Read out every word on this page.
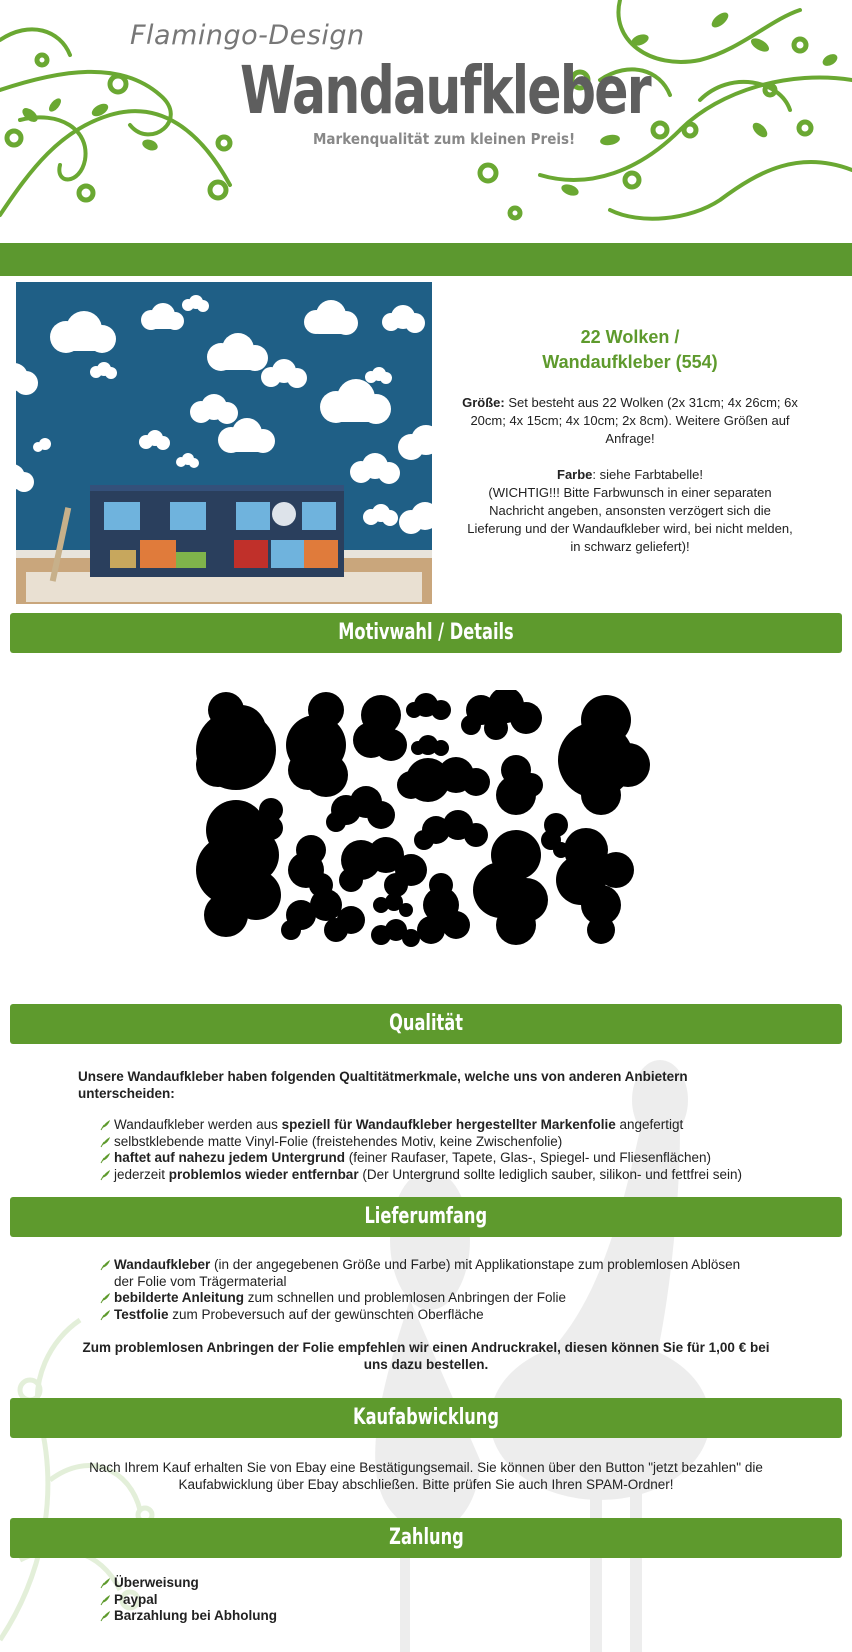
Flamingo-Design
Wandaufkleber
Markenqualität zum kleinen Preis!
22 Wolken /
Wandaufkleber (554)

Größe: Set besteht aus 22 Wolken (2x 31cm; 4x 26cm; 6x 20cm; 4x 15cm; 4x 10cm; 2x 8cm). Weitere Größen auf Anfrage!

Farbe: siehe Farbtabelle!

(WICHTIG!!! Bitte Farbwunsch in einer separaten Nachricht angeben, ansonsten verzögert sich die Lieferung und der Wandaufkleber wird, bei nicht melden, in schwarz geliefert)!

Motivwahl / Details
Qualität
Unsere Wandaufkleber haben folgenden Qualtitätmerkmale, welche uns von anderen Anbietern unterscheiden:
Wandaufkleber werden aus speziell für Wandaufkleber hergestellter Markenfolie angefertigt
selbstklebende matte Vinyl-Folie (freistehendes Motiv, keine Zwischenfolie)
haftet auf nahezu jedem Untergrund (feiner Raufaser, Tapete, Glas-, Spiegel- und Fliesenflächen)
jederzeit problemlos wieder entfernbar (Der Untergrund sollte lediglich sauber, silikon- und fettfrei sein)
Lieferumfang
Wandaufkleber (in der angegebenen Größe und Farbe) mit Applikationstape zum problemlosen Ablösen der Folie vom Trägermaterial
bebilderte Anleitung zum schnellen und problemlosen Anbringen der Folie
Testfolie zum Probeversuch auf der gewünschten Oberfläche
Zum problemlosen Anbringen der Folie empfehlen wir einen Andruckrakel, diesen können Sie für 1,00 € bei uns dazu bestellen.
Kaufabwicklung
Nach Ihrem Kauf erhalten Sie von Ebay eine Bestätigungsemail. Sie können über den Button "jetzt bezahlen" die Kaufabwicklung über Ebay abschließen. Bitte prüfen Sie auch Ihren SPAM-Ordner!
Zahlung
Überweisung
Paypal
Barzahlung bei Abholung
